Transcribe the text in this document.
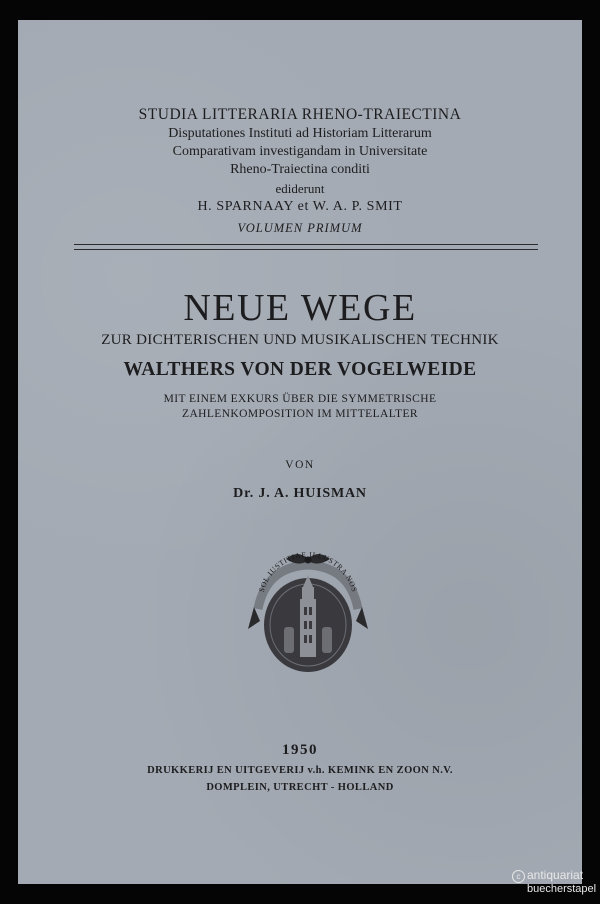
STUDIA LITTERARIA RHENO-TRAIECTINA
Disputationes Instituti ad Historiam Litterarum
Comparativam investigandam in Universitate
Rheno-Traiectina conditi
ediderunt
H. SPARNAAY et W. A. P. SMIT
VOLUMEN PRIMUM
NEUE WEGE
ZUR DICHTERISCHEN UND MUSIKALISCHEN TECHNIK
WALTHERS VON DER VOGELWEIDE
MIT EINEM EXKURS ÜBER DIE SYMMETRISCHE
ZAHLENKOMPOSITION IM MITTELALTER
VON
Dr. J. A. HUISMAN
SOL IUSTITIAE ILLUSTRA NOS
1950
DRUKKERIJ EN UITGEVERIJ v.h. KEMINK EN ZOON N.V.
DOMPLEIN, UTRECHT - HOLLAND
c antiquariat
buecherstapel
